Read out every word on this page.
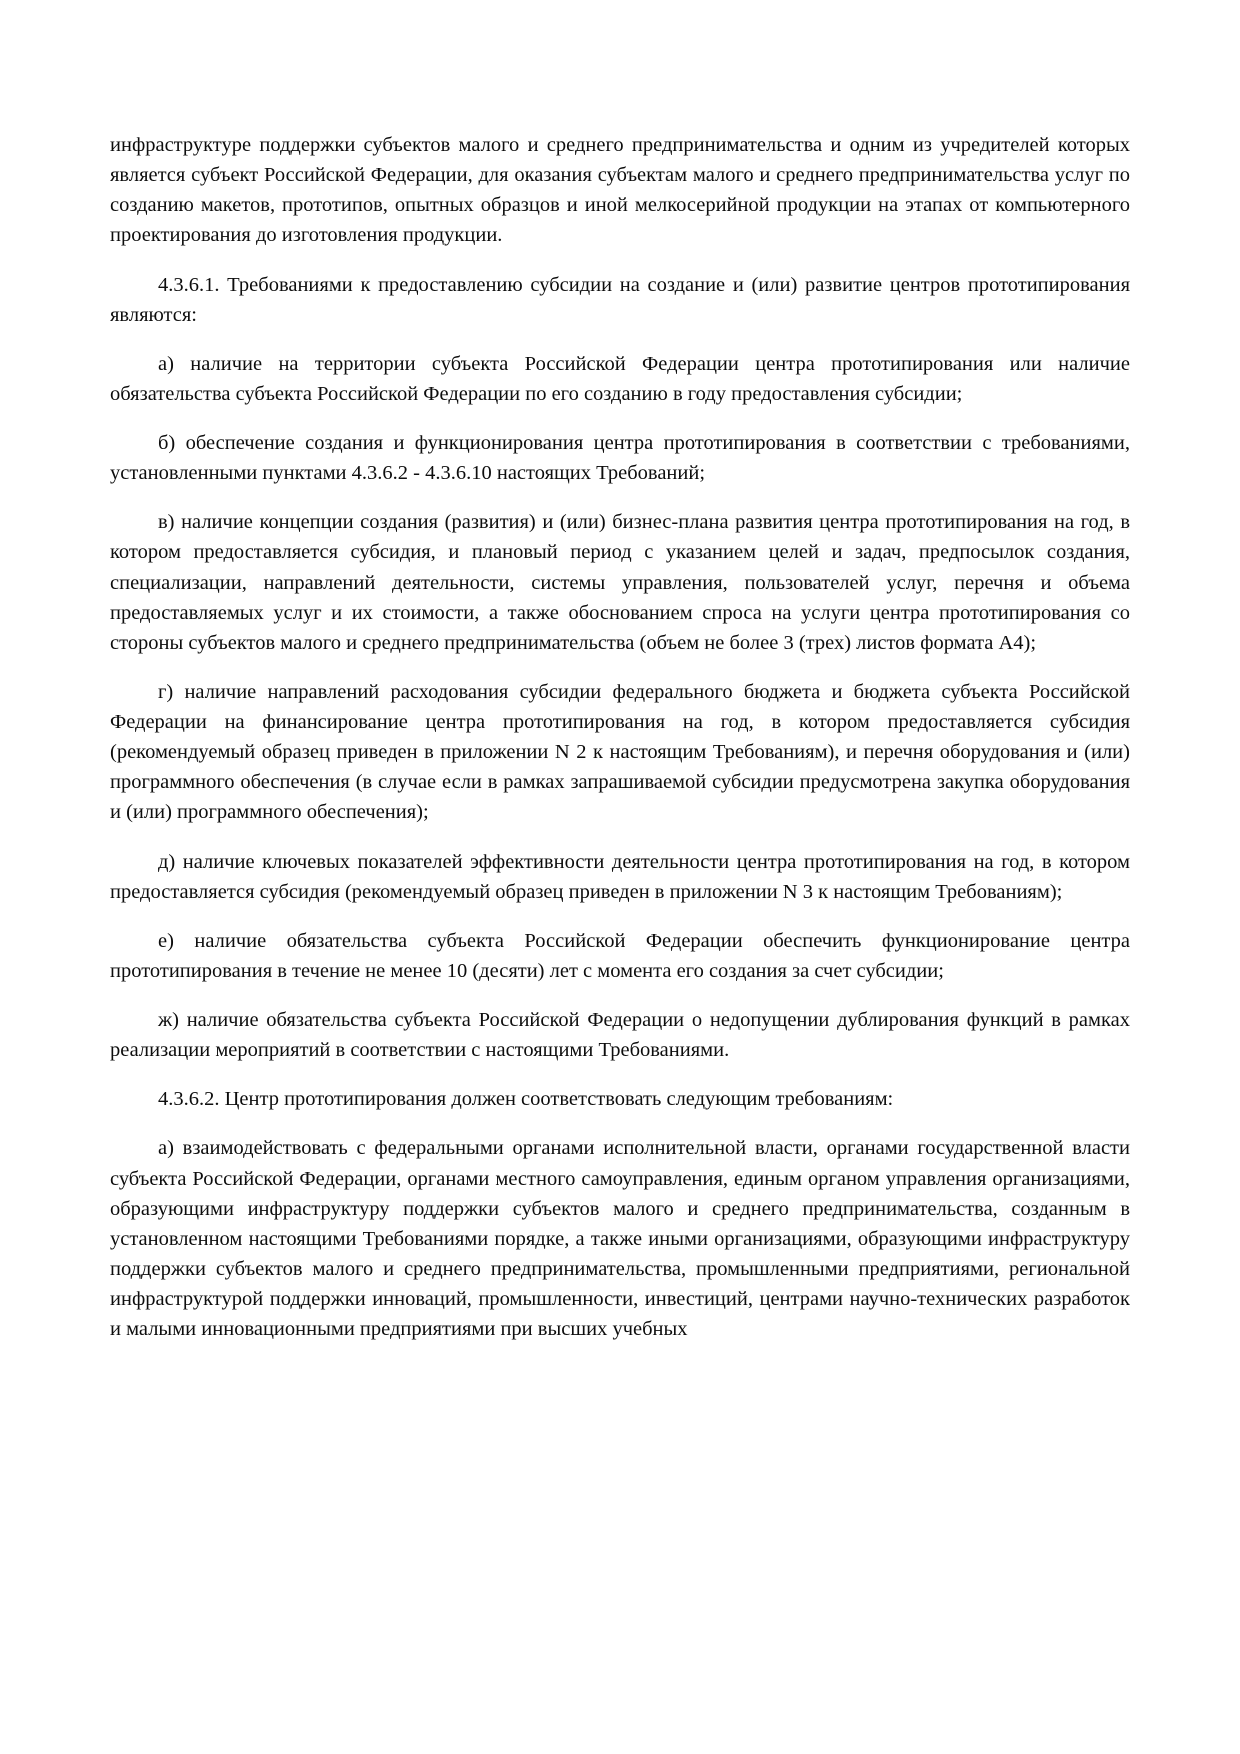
инфраструктуре поддержки субъектов малого и среднего предпринимательства и одним из учредителей которых является субъект Российской Федерации, для оказания субъектам малого и среднего предпринимательства услуг по созданию макетов, прототипов, опытных образцов и иной мелкосерийной продукции на этапах от компьютерного проектирования до изготовления продукции.

4.3.6.1. Требованиями к предоставлению субсидии на создание и (или) развитие центров прототипирования являются:

а) наличие на территории субъекта Российской Федерации центра прототипирования или наличие обязательства субъекта Российской Федерации по его созданию в году предоставления субсидии;

б) обеспечение создания и функционирования центра прототипирования в соответствии с требованиями, установленными пунктами 4.3.6.2 - 4.3.6.10 настоящих Требований;

в) наличие концепции создания (развития) и (или) бизнес-плана развития центра прототипирования на год, в котором предоставляется субсидия, и плановый период с указанием целей и задач, предпосылок создания, специализации, направлений деятельности, системы управления, пользователей услуг, перечня и объема предоставляемых услуг и их стоимости, а также обоснованием спроса на услуги центра прототипирования со стороны субъектов малого и среднего предпринимательства (объем не более 3 (трех) листов формата А4);

г) наличие направлений расходования субсидии федерального бюджета и бюджета субъекта Российской Федерации на финансирование центра прототипирования на год, в котором предоставляется субсидия (рекомендуемый образец приведен в приложении N 2 к настоящим Требованиям), и перечня оборудования и (или) программного обеспечения (в случае если в рамках запрашиваемой субсидии предусмотрена закупка оборудования и (или) программного обеспечения);

д) наличие ключевых показателей эффективности деятельности центра прототипирования на год, в котором предоставляется субсидия (рекомендуемый образец приведен в приложении N 3 к настоящим Требованиям);

е) наличие обязательства субъекта Российской Федерации обеспечить функционирование центра прототипирования в течение не менее 10 (десяти) лет с момента его создания за счет субсидии;

ж) наличие обязательства субъекта Российской Федерации о недопущении дублирования функций в рамках реализации мероприятий в соответствии с настоящими Требованиями.

4.3.6.2. Центр прототипирования должен соответствовать следующим требованиям:

а) взаимодействовать с федеральными органами исполнительной власти, органами государственной власти субъекта Российской Федерации, органами местного самоуправления, единым органом управления организациями, образующими инфраструктуру поддержки субъектов малого и среднего предпринимательства, созданным в установленном настоящими Требованиями порядке, а также иными организациями, образующими инфраструктуру поддержки субъектов малого и среднего предпринимательства, промышленными предприятиями, региональной инфраструктурой поддержки инноваций, промышленности, инвестиций, центрами научно-технических разработок и малыми инновационными предприятиями при высших учебных
